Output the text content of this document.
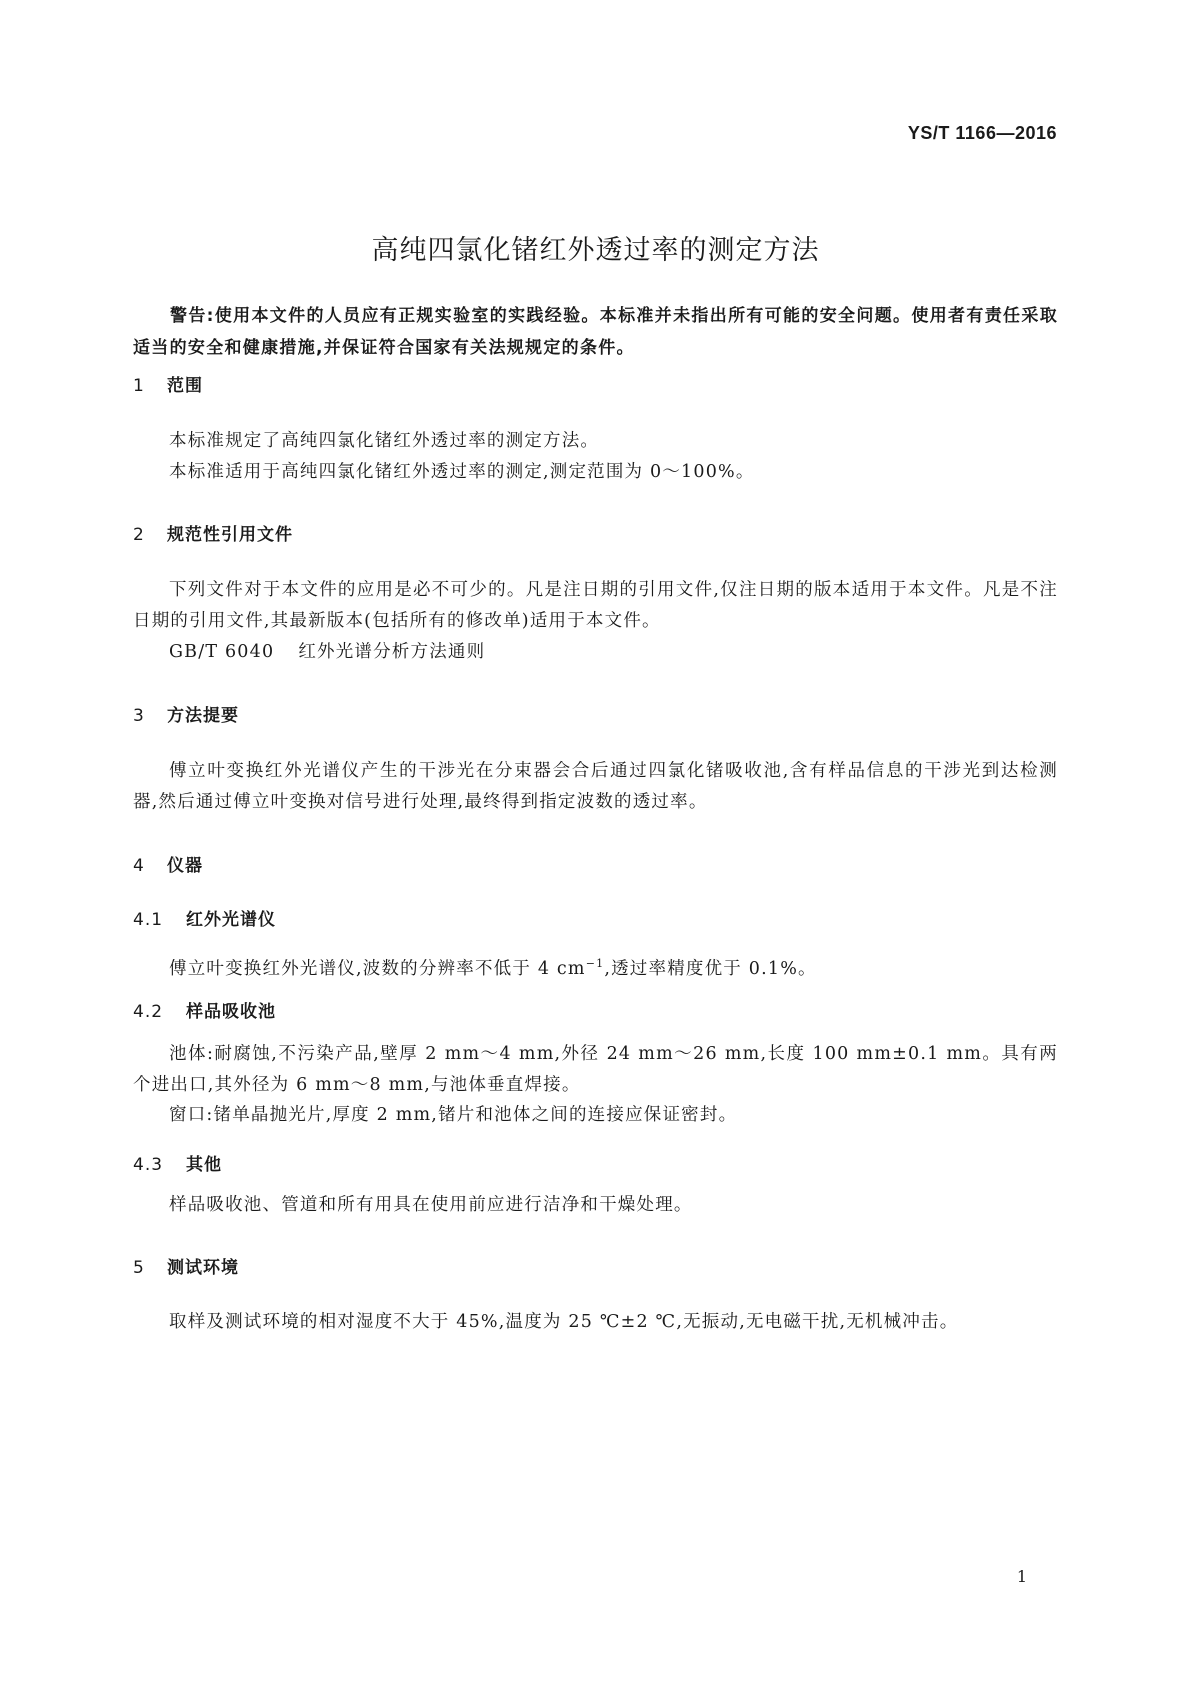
YS/T 1166—2016
高纯四氯化锗红外透过率的测定方法

警告:使用本文件的人员应有正规实验室的实践经验。本标准并未指出所有可能的安全问题。使用者有责任采取适当的安全和健康措施,并保证符合国家有关法规规定的条件。

1 范围

本标准规定了高纯四氯化锗红外透过率的测定方法。

本标准适用于高纯四氯化锗红外透过率的测定,测定范围为 0～100%。

2 规范性引用文件

下列文件对于本文件的应用是必不可少的。凡是注日期的引用文件,仅注日期的版本适用于本文件。凡是不注日期的引用文件,其最新版本(包括所有的修改单)适用于本文件。

GB/T 6040 红外光谱分析方法通则

3 方法提要

傅立叶变换红外光谱仪产生的干涉光在分束器会合后通过四氯化锗吸收池,含有样品信息的干涉光到达检测器,然后通过傅立叶变换对信号进行处理,最终得到指定波数的透过率。

4 仪器
4.1 红外光谱仪

傅立叶变换红外光谱仪,波数的分辨率不低于 4 $cm^{-1}$,透过率精度优于 0.1%。

4.2 样品吸收池

池体:耐腐蚀,不污染产品,壁厚 2 mm～4 mm,外径 24 mm～26 mm,长度 100 mm±0.1 mm。具有两个进出口,其外径为 6 mm～8 mm,与池体垂直焊接。

窗口:锗单晶抛光片,厚度 2 mm,锗片和池体之间的连接应保证密封。

4.3 其他

样品吸收池、管道和所有用具在使用前应进行洁净和干燥处理。

5 测试环境

取样及测试环境的相对湿度不大于 45%,温度为 25 ℃±2 ℃,无振动,无电磁干扰,无机械冲击。

1
